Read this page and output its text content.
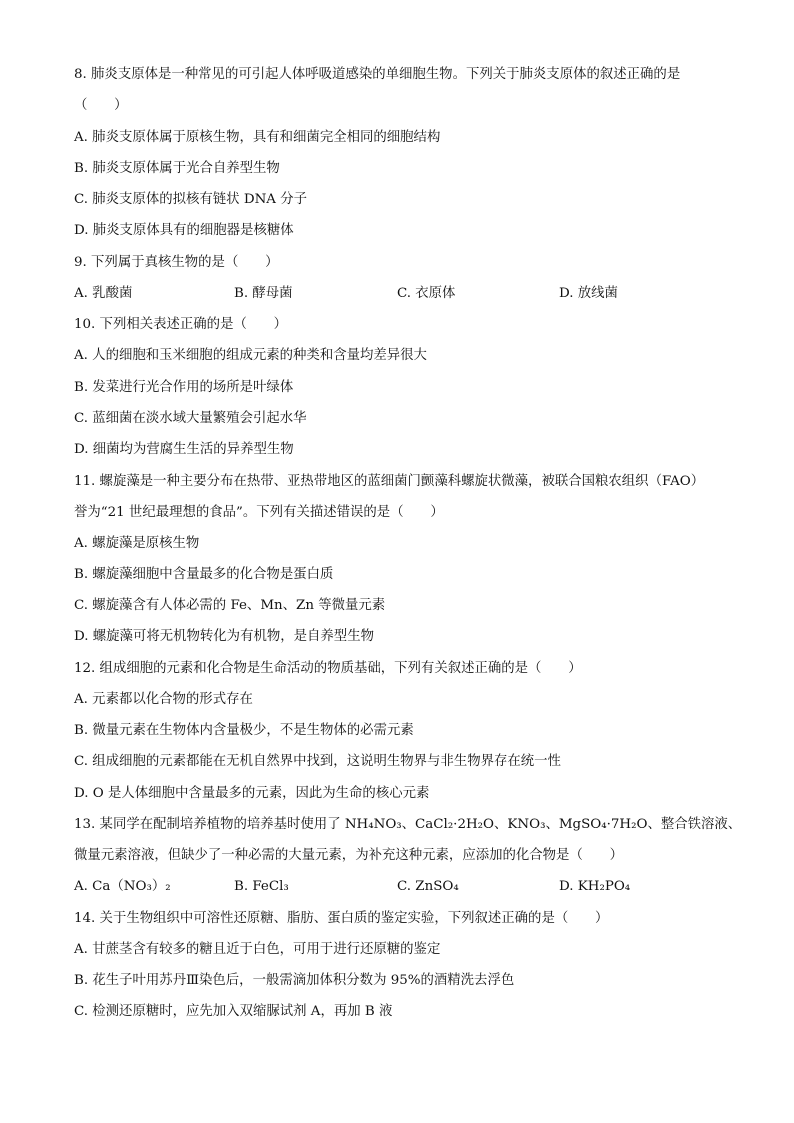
8. 肺炎支原体是一种常见的可引起人体呼吸道感染的单细胞生物。下列关于肺炎支原体的叙述正确的是
（　　）
A. 肺炎支原体属于原核生物，具有和细菌完全相同的细胞结构
B. 肺炎支原体属于光合自养型生物
C. 肺炎支原体的拟核有链状 DNA 分子
D. 肺炎支原体具有的细胞器是核糖体
9. 下列属于真核生物的是（　　）
A. 乳酸菌	B. 酵母菌	C. 衣原体	D. 放线菌
10. 下列相关表述正确的是（　　）
A. 人的细胞和玉米细胞的组成元素的种类和含量均差异很大
B. 发菜进行光合作用的场所是叶绿体
C. 蓝细菌在淡水域大量繁殖会引起水华
D. 细菌均为营腐生生活的异养型生物
11. 螺旋藻是一种主要分布在热带、亚热带地区的蓝细菌门颤藻科螺旋状微藻，被联合国粮农组织（FAO）
誉为“21 世纪最理想的食品”。下列有关描述错误的是（　　）
A. 螺旋藻是原核生物
B. 螺旋藻细胞中含量最多的化合物是蛋白质
C. 螺旋藻含有人体必需的 Fe、Mn、Zn 等微量元素
D. 螺旋藻可将无机物转化为有机物，是自养型生物
12. 组成细胞的元素和化合物是生命活动的物质基础，下列有关叙述正确的是（　　）
A. 元素都以化合物的形式存在
B. 微量元素在生物体内含量极少，不是生物体的必需元素
C. 组成细胞的元素都能在无机自然界中找到，这说明生物界与非生物界存在统一性
D. O 是人体细胞中含量最多的元素，因此为生命的核心元素
13. 某同学在配制培养植物的培养基时使用了 NH₄NO₃、CaCl₂·2H₂O、KNO₃、MgSO₄·7H₂O、整合铁溶液、
微量元素溶液，但缺少了一种必需的大量元素，为补充这种元素，应添加的化合物是（　　）
A. Ca（NO₃）₂	B. FeCl₃	C. ZnSO₄	D. KH₂PO₄
14. 关于生物组织中可溶性还原糖、脂肪、蛋白质的鉴定实验，下列叙述正确的是（　　）
A. 甘蔗茎含有较多的糖且近于白色，可用于进行还原糖的鉴定
B. 花生子叶用苏丹Ⅲ染色后，一般需滴加体积分数为 95%的酒精洗去浮色
C. 检测还原糖时，应先加入双缩脲试剂 A，再加 B 液
